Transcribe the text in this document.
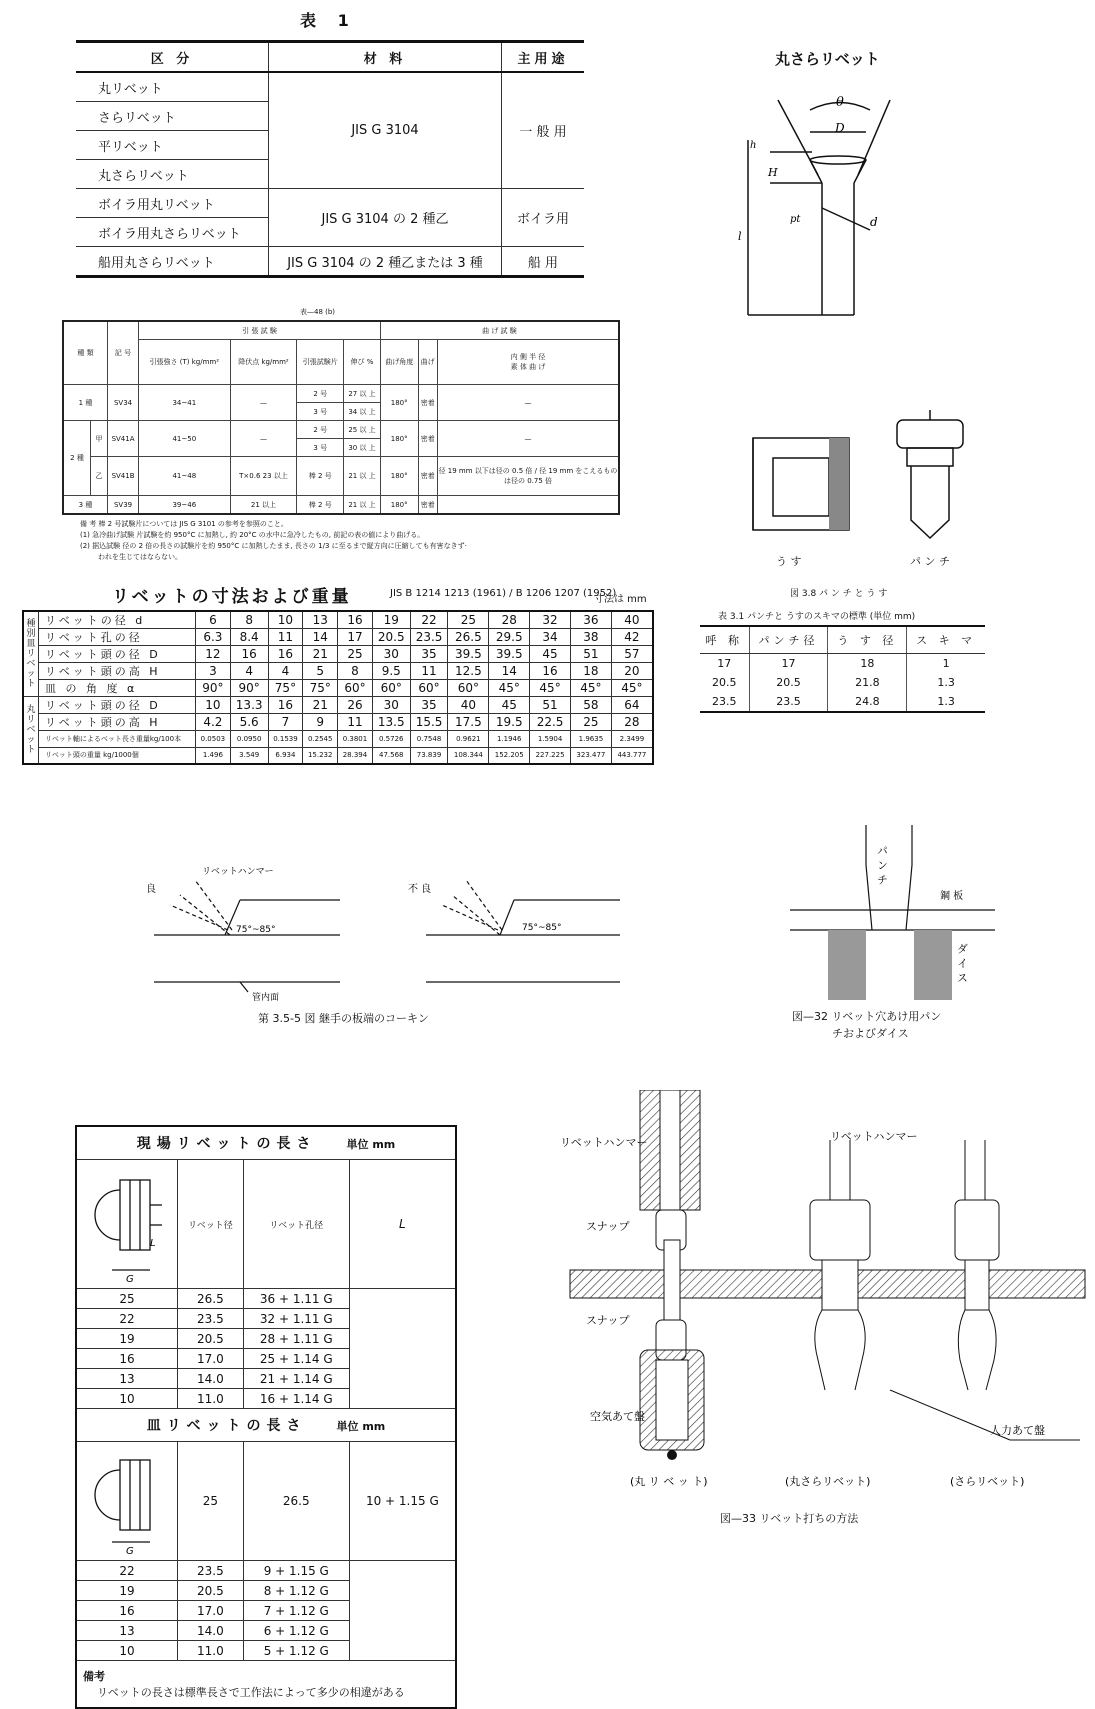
表 1
区 分	材 料	主用途
丸リベット	JIS G 3104	一 般 用
さらリベット		
平リベット		
丸さらリベット		
ボイラ用丸リベット	JIS G 3104 の 2 種乙	ボイラ用
ボイラ用丸さらリベット		
船用丸さらリベット	JIS G 3104 の 2 種乙または 3 種	船 用
表—48 (b)
種 類		記 号	引 張 試 験				曲 げ 試 験		
			引張強さ (T) kg/mm²	降伏点 kg/mm²	引張試験片	伸び %	曲げ角度	曲げ	内 側 半 径
素 体 曲 げ
1 種		SV34	34~41	—	2 号	27 以 上	180°	密着	—
					3 号	34 以 上			
2 種	甲	SV41A	41~50	—	2 号	25 以 上	180°	密着	—
					3 号	30 以 上			
	乙	SV41B	41~48	T×0.6 23 以上	棒 2 号	21 以 上	180°	密着	径 19 mm 以下は径の 0.5 倍 / 径 19 mm をこえるものは径の 0.75 倍

3 種		SV39	39~46	21 以上	棒 2 号	21 以 上	180°	密着	
備 考 棒 2 号試験片については JIS G 3101 の参考を参照のこと。
(1) 急冷曲げ試験 片試験を約 950°C に加熱し, 約 20°C の水中に急冷したもの, 前記の表の値により曲げる。
(2) 据込試験 径の 2 倍の長さの試験片を約 950°C に加熱したまま, 長さの 1/3 に至るまで縦方向に圧縮しても有害なきず·
われを生じてはならない。
リベットの寸法および重量	JIS B 1214 1213 (1961) / B 1206 1207 (1952)
寸法は mm
種別皿リベット	リベットの径 d	6	8	10	13	16	19	22	25	28	32	36	40
	リベット孔の径	6.3	8.4	11	14	17	20.5	23.5	26.5	29.5	34	38	42
	リベット頭の径 D	12	16	16	21	25	30	35	39.5	39.5	45	51	57
	リベット頭の高 H	3	4	4	5	8	9.5	11	12.5	14	16	18	20
	皿 の 角 度 α	90°	90°	75°	75°	60°	60°	60°	60°	45°	45°	45°	45°
丸リベット	リベット頭の径 D	10	13.3	16	21	26	30	35	40	45	51	58	64
	リベット頭の高 H	4.2	5.6	7	9	11	13.5	15.5	17.5	19.5	22.5	25	28
	リベット軸によるベット長さ重量kg/100本	0.0503	0.0950	0.1539	0.2545	0.3801	0.5726	0.7548	0.9621	1.1946	1.5904	1.9635	2.3499
	リベット頭の重量 kg/1000個	1.496	3.549	6.934	15.232	28.394	47.568	73.839	108.344	152.205	227.225	323.477	443.777
丸さらリベット
θ
D
h
H
d
pt
l
う す	パ ン チ
図 3.8 パ ン チ と う す
表 3.1 パンチと うすのスキマの標準 (単位 mm)
呼 称	パンチ径	う す 径	ス キ マ
17	17	18	1
20.5	20.5	21.8	1.3
23.5	23.5	24.8	1.3
良
リベットハンマー
75°~85°
不 良
75°~85°
管内面
第 3.5-5 図 継手の板端のコーキン
パ ン チ
鋼 板
ダ イ ス
図—32 リベット穴あけ用パン
チおよびダイス
現場リベットの長さ 単位 mm			

L
G	リベット径	リベット孔径	L
25	26.5	36 + 1.11 G	
22	23.5	32 + 1.11 G	
19	20.5	28 + 1.11 G	
16	17.0	25 + 1.14 G	
13	14.0	21 + 1.14 G	
10	11.0	16 + 1.14 G	
皿リベットの長さ 単位 mm			

G	25	26.5	10 + 1.15 G
22	23.5	9 + 1.15 G	
19	20.5	8 + 1.12 G	
16	17.0	7 + 1.12 G	
13	14.0	6 + 1.12 G	
10	11.0	5 + 1.12 G	

備考
リベットの長さは標準長さで工作法によって多少の相違がある			
リベットハンマー	リベットハンマー
スナップ
スナップ
空気あて盤
人力あて盤
(丸 リ ベ ッ ト)	(丸さらリベット)	(さらリベット)
図—33 リベット打ちの方法
